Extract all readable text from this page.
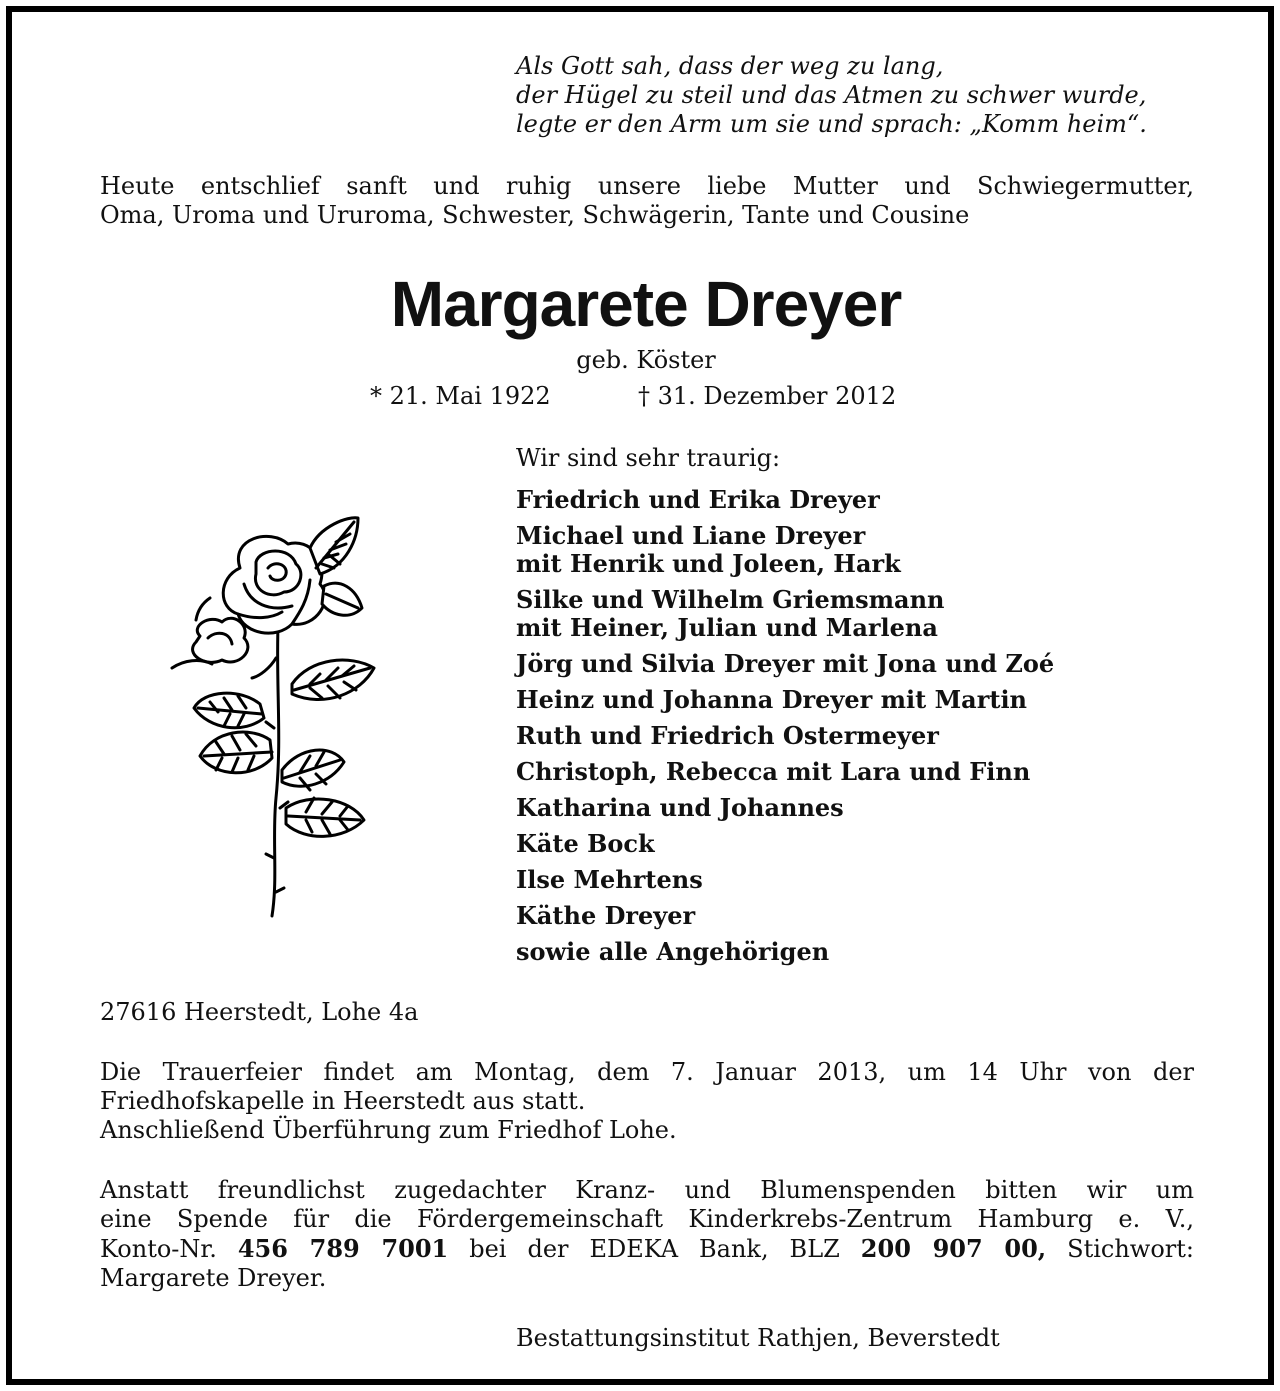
Als Gott sah, dass der weg zu lang,
der Hügel zu steil und das Atmen zu schwer wurde,
legte er den Arm um sie und sprach: „Komm heim“.
Heute entschlief sanft und ruhig unsere liebe Mutter und Schwiegermutter,
Oma, Uroma und Ururoma, Schwester, Schwägerin, Tante und Cousine
Margarete Dreyer
geb. Köster
* 21. Mai 1922	† 31. Dezember 2012
Wir sind sehr traurig:
Friedrich und Erika Dreyer
Michael und Liane Dreyer
mit Henrik und Joleen, Hark
Silke und Wilhelm Griemsmann
mit Heiner, Julian und Marlena
Jörg und Silvia Dreyer mit Jona und Zoé
Heinz und Johanna Dreyer mit Martin
Ruth und Friedrich Ostermeyer
Christoph, Rebecca mit Lara und Finn
Katharina und Johannes
Käte Bock
Ilse Mehrtens
Käthe Dreyer
sowie alle Angehörigen
27616 Heerstedt, Lohe 4a
Die Trauerfeier findet am Montag, dem 7. Januar 2013, um 14 Uhr von der
Friedhofskapelle in Heerstedt aus statt.
Anschließend Überführung zum Friedhof Lohe.
Anstatt freundlichst zugedachter Kranz- und Blumenspenden bitten wir um
eine Spende für die Fördergemeinschaft Kinderkrebs-Zentrum Hamburg e. V.,
Konto-Nr. 456 789 7001 bei der EDEKA Bank, BLZ 200 907 00, Stichwort:
Margarete Dreyer.
Bestattungsinstitut Rathjen, Beverstedt
